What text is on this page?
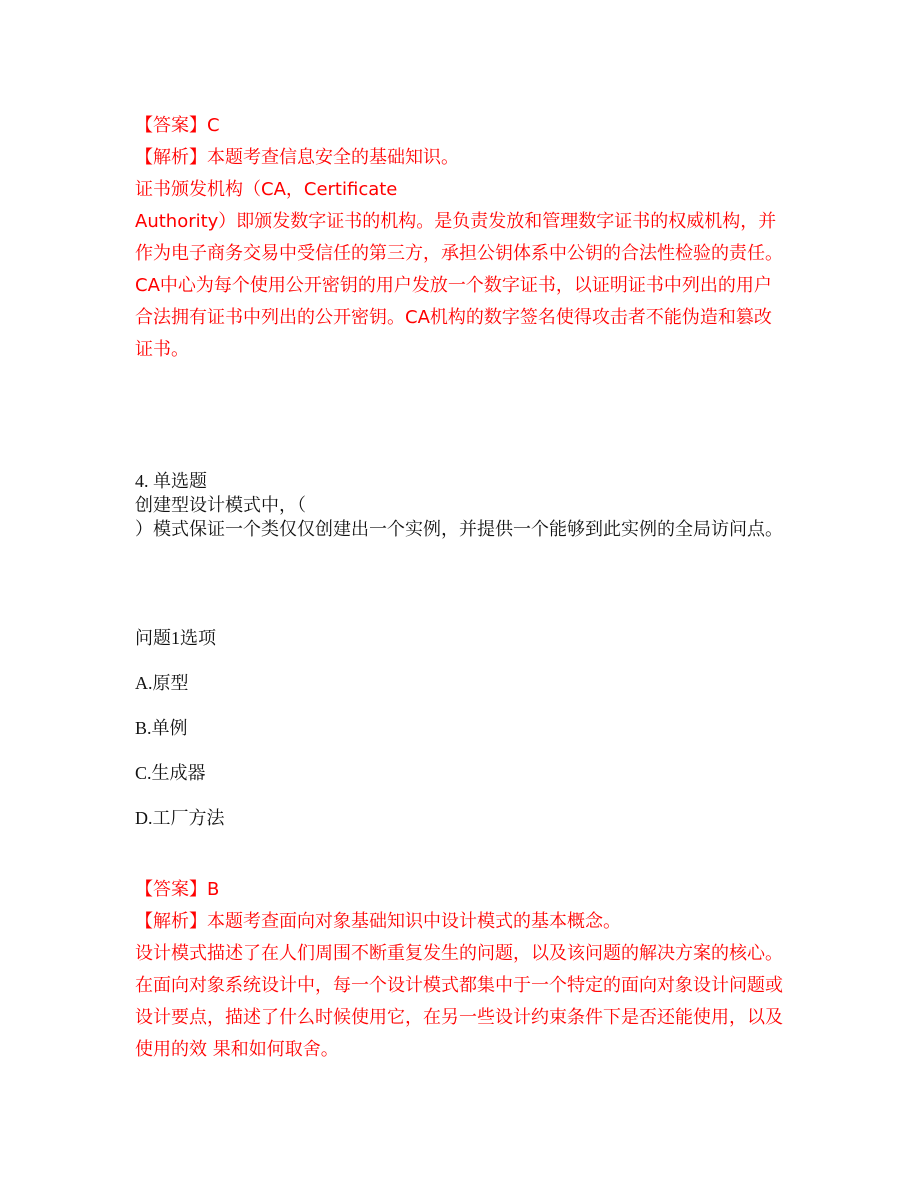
【答案】C
【解析】本题考查信息安全的基础知识。
证书颁发机构（CA，Certificate
Authority）即颁发数字证书的机构。是负责发放和管理数字证书的权威机构，并
作为电子商务交易中受信任的第三方，承担公钥体系中公钥的合法性检验的责任。
CA中心为每个使用公开密钥的用户发放一个数字证书，以证明证书中列出的用户
合法拥有证书中列出的公开密钥。CA机构的数字签名使得攻击者不能伪造和篡改
证书。
4. 单选题
创建型设计模式中，（
）模式保证一个类仅仅创建出一个实例，并提供一个能够到此实例的全局访问点。
问题1选项
A.原型
B.单例
C.生成器
D.工厂方法
【答案】B
【解析】本题考查面向对象基础知识中设计模式的基本概念。
设计模式描述了在人们周围不断重复发生的问题，以及该问题的解决方案的核心。
在面向对象系统设计中，每一个设计模式都集中于一个特定的面向对象设计问题或
设计要点，描述了什么时候使用它，在另一些设计约束条件下是否还能使用，以及
使用的效 果和如何取舍。
